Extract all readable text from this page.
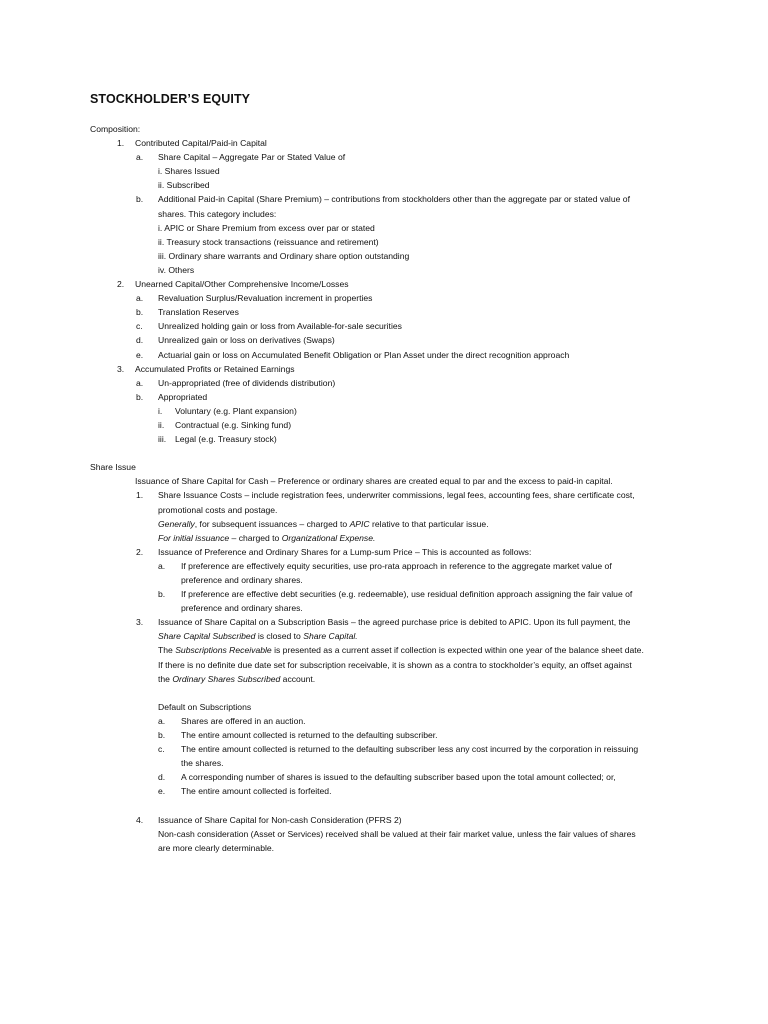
STOCKHOLDER’S EQUITY
Composition:
1. Contributed Capital/Paid-in Capital
a. Share Capital – Aggregate Par or Stated Value of
i. Shares Issued
ii. Subscribed
b. Additional Paid-in Capital (Share Premium) – contributions from stockholders other than the aggregate par or stated value of
shares. This category includes:
i. APIC or Share Premium from excess over par or stated
ii. Treasury stock transactions (reissuance and retirement)
iii. Ordinary share warrants and Ordinary share option outstanding
iv. Others
2. Unearned Capital/Other Comprehensive Income/Losses
a. Revaluation Surplus/Revaluation increment in properties
b. Translation Reserves
c. Unrealized holding gain or loss from Available-for-sale securities
d. Unrealized gain or loss on derivatives (Swaps)
e. Actuarial gain or loss on Accumulated Benefit Obligation or Plan Asset under the direct recognition approach
3. Accumulated Profits or Retained Earnings
a. Un-appropriated (free of dividends distribution)
b. Appropriated
i. Voluntary (e.g. Plant expansion)
ii. Contractual (e.g. Sinking fund)
iii. Legal (e.g. Treasury stock)
Share Issue
Issuance of Share Capital for Cash – Preference or ordinary shares are created equal to par and the excess to paid-in capital.
1. Share Issuance Costs – include registration fees, underwriter commissions, legal fees, accounting fees, share certificate cost,
promotional costs and postage.
Generally, for subsequent issuances – charged to APIC relative to that particular issue.
For initial issuance – charged to Organizational Expense.
2. Issuance of Preference and Ordinary Shares for a Lump-sum Price – This is accounted as follows:
a. If preference are effectively equity securities, use pro-rata approach in reference to the aggregate market value of
preference and ordinary shares.
b. If preference are effective debt securities (e.g. redeemable), use residual definition approach assigning the fair value of
preference and ordinary shares.
3. Issuance of Share Capital on a Subscription Basis – the agreed purchase price is debited to APIC. Upon its full payment, the
Share Capital Subscribed is closed to Share Capital.
The Subscriptions Receivable is presented as a current asset if collection is expected within one year of the balance sheet date.
If there is no definite due date set for subscription receivable, it is shown as a contra to stockholder’s equity, an offset against
the Ordinary Shares Subscribed account.
Default on Subscriptions
a. Shares are offered in an auction.
b. The entire amount collected is returned to the defaulting subscriber.
c. The entire amount collected is returned to the defaulting subscriber less any cost incurred by the corporation in reissuing
the shares.
d. A corresponding number of shares is issued to the defaulting subscriber based upon the total amount collected; or,
e. The entire amount collected is forfeited.
4. Issuance of Share Capital for Non-cash Consideration (PFRS 2)
Non-cash consideration (Asset or Services) received shall be valued at their fair market value, unless the fair values of shares
are more clearly determinable.
